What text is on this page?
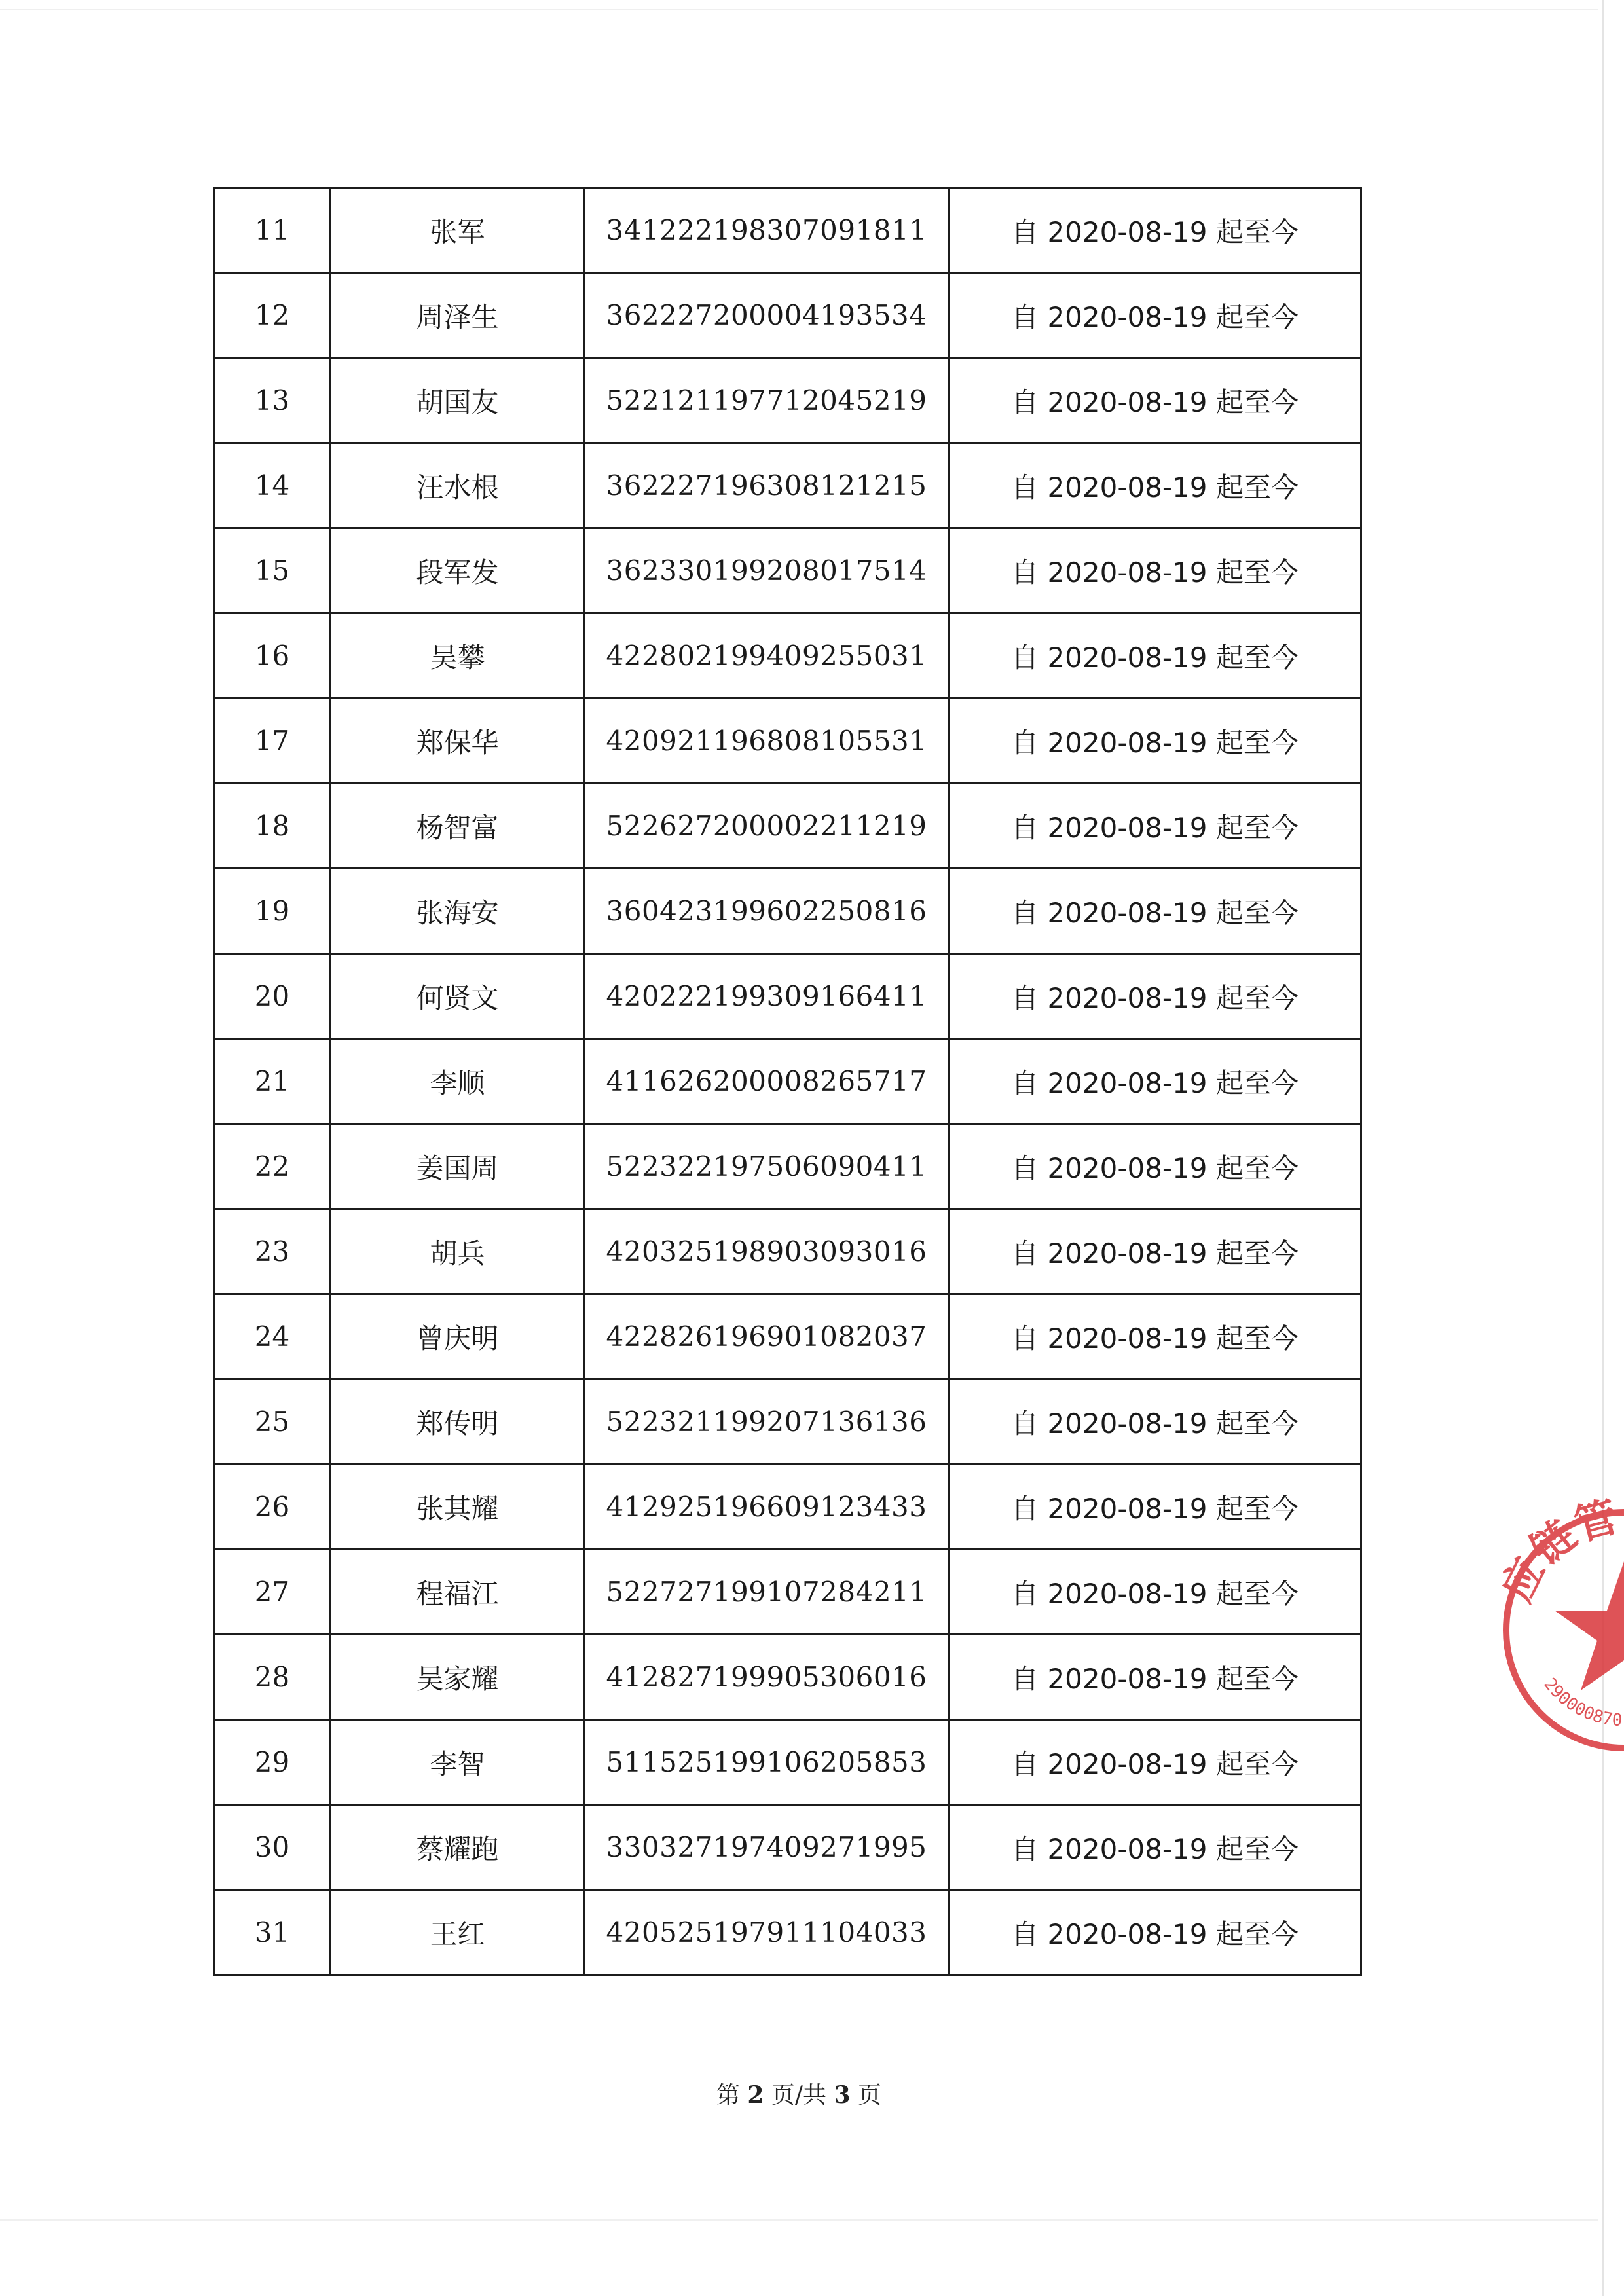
11	张军	341222198307091811	自 2020-08-19 起至今
12	周泽生	362227200004193534	自 2020-08-19 起至今
13	胡国友	522121197712045219	自 2020-08-19 起至今
14	汪水根	362227196308121215	自 2020-08-19 起至今
15	段军发	362330199208017514	自 2020-08-19 起至今
16	吴攀	422802199409255031	自 2020-08-19 起至今
17	郑保华	420921196808105531	自 2020-08-19 起至今
18	杨智富	522627200002211219	自 2020-08-19 起至今
19	张海安	360423199602250816	自 2020-08-19 起至今
20	何贤文	420222199309166411	自 2020-08-19 起至今
21	李顺	411626200008265717	自 2020-08-19 起至今
22	姜国周	522322197506090411	自 2020-08-19 起至今
23	胡兵	420325198903093016	自 2020-08-19 起至今
24	曾庆明	422826196901082037	自 2020-08-19 起至今
25	郑传明	522321199207136136	自 2020-08-19 起至今
26	张其耀	412925196609123433	自 2020-08-19 起至今
27	程福江	522727199107284211	自 2020-08-19 起至今
28	吴家耀	412827199905306016	自 2020-08-19 起至今
29	李智	511525199106205853	自 2020-08-19 起至今
30	蔡耀跑	330327197409271995	自 2020-08-19 起至今
31	王红	420525197911104033	自 2020-08-19 起至今
第 2 页/共 3 页
应链管
290000870
